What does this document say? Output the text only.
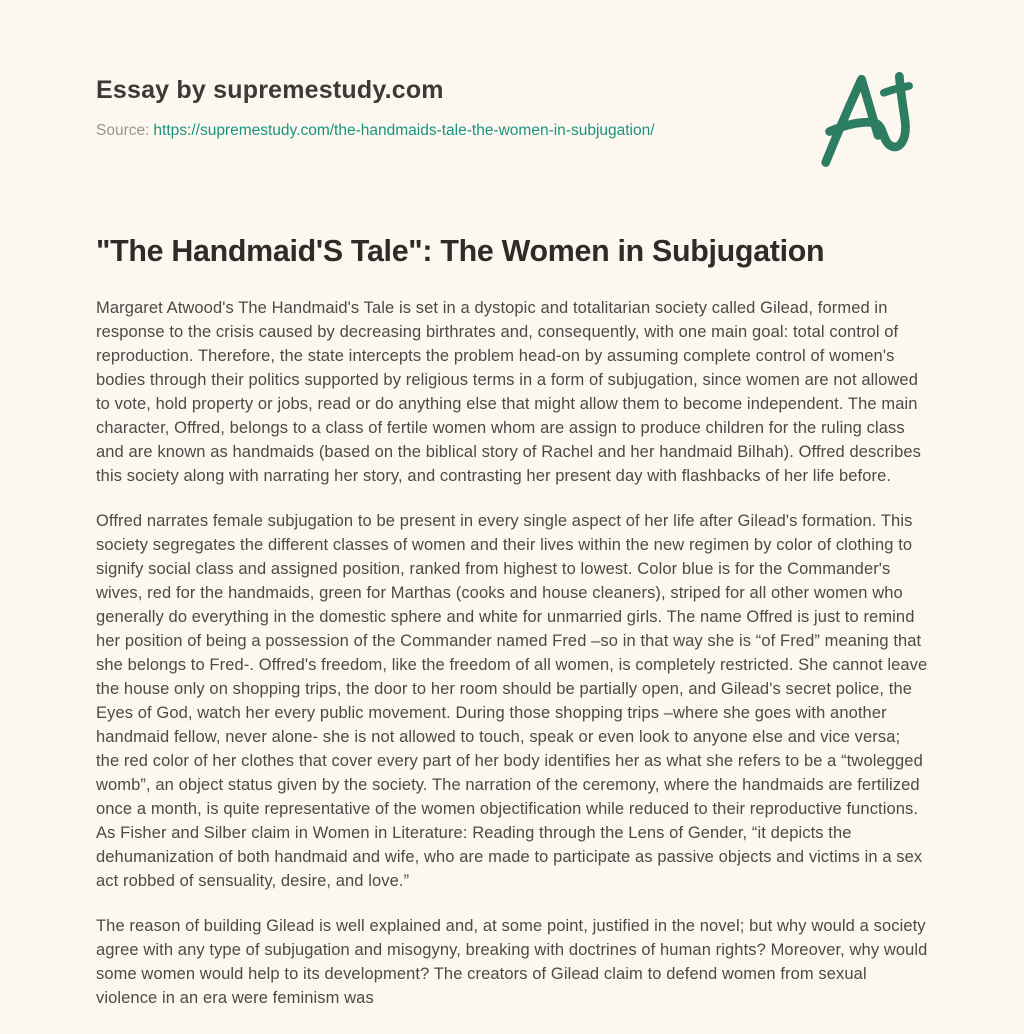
Essay by supremestudy.com
Source: https://supremestudy.com/the-handmaids-tale-the-women-in-subjugation/
"The Handmaid'S Tale": The Women in Subjugation

Margaret Atwood's The Handmaid's Tale is set in a dystopic and totalitarian society called Gilead, formed in response to the crisis caused by decreasing birthrates and, consequently, with one main goal: total control of reproduction. Therefore, the state intercepts the problem head-on by assuming complete control of women's bodies through their politics supported by religious terms in a form of subjugation, since women are not allowed to vote, hold property or jobs, read or do anything else that might allow them to become independent. The main character, Offred, belongs to a class of fertile women whom are assign to produce children for the ruling class and are known as handmaids (based on the biblical story of Rachel and her handmaid Bilhah). Offred describes this society along with narrating her story, and contrasting her present day with flashbacks of her life before.

Offred narrates female subjugation to be present in every single aspect of her life after Gilead's formation. This society segregates the different classes of women and their lives within the new regimen by color of clothing to signify social class and assigned position, ranked from highest to lowest. Color blue is for the Commander's wives, red for the handmaids, green for Marthas (cooks and house cleaners), striped for all other women who generally do everything in the domestic sphere and white for unmarried girls. The name Offred is just to remind her position of being a possession of the Commander named Fred –so in that way she is “of Fred” meaning that she belongs to Fred-. Offred's freedom, like the freedom of all women, is completely restricted. She cannot leave the house only on shopping trips, the door to her room should be partially open, and Gilead's secret police, the Eyes of God, watch her every public movement. During those shopping trips –where she goes with another handmaid fellow, never alone- she is not allowed to touch, speak or even look to anyone else and vice versa; the red color of her clothes that cover every part of her body identifies her as what she refers to be a “twolegged womb”, an object status given by the society. The narration of the ceremony, where the handmaids are fertilized once a month, is quite representative of the women objectification while reduced to their reproductive functions. As Fisher and Silber claim in Women in Literature: Reading through the Lens of Gender, “it depicts the dehumanization of both handmaid and wife, who are made to participate as passive objects and victims in a sex act robbed of sensuality, desire, and love.”

The reason of building Gilead is well explained and, at some point, justified in the novel; but why would a society agree with any type of subjugation and misogyny, breaking with doctrines of human rights? Moreover, why would some women would help to its development? The creators of Gilead claim to defend women from sexual violence in an era were feminism was
